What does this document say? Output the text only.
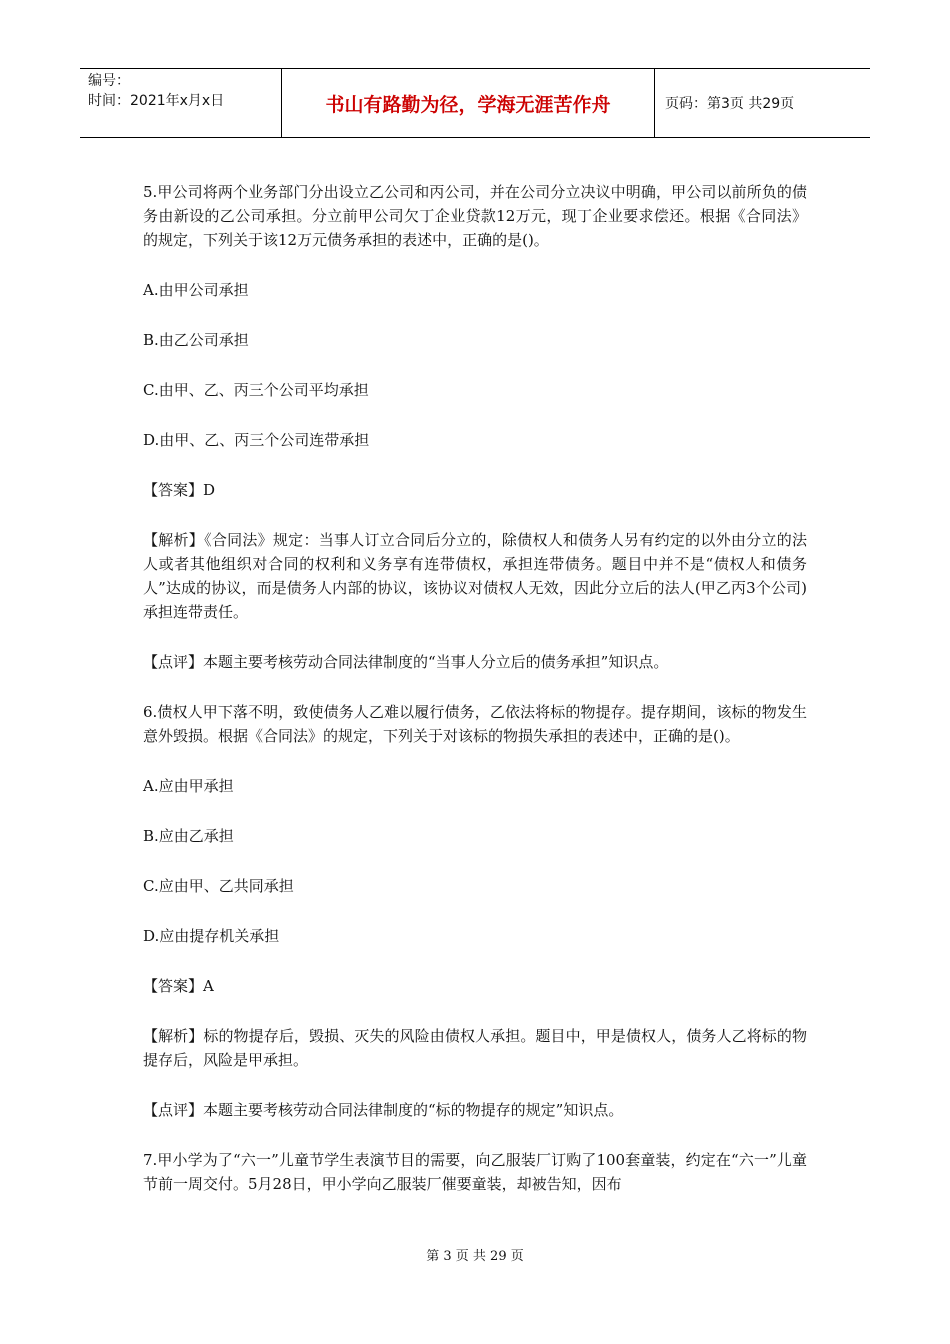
编号：
时间：2021年x月x日	书山有路勤为径，学海无涯苦作舟	页码：第3页 共29页

5.甲公司将两个业务部门分出设立乙公司和丙公司，并在公司分立决议中明确，甲公司以前所负的债务由新设的乙公司承担。分立前甲公司欠丁企业贷款12万元，现丁企业要求偿还。根据《合同法》的规定，下列关于该12万元债务承担的表述中，正确的是()。

A.由甲公司承担

B.由乙公司承担

C.由甲、乙、丙三个公司平均承担

D.由甲、乙、丙三个公司连带承担

【答案】D

【解析】《合同法》规定：当事人订立合同后分立的，除债权人和债务人另有约定的以外由分立的法人或者其他组织对合同的权利和义务享有连带债权，承担连带债务。题目中并不是“债权人和债务人”达成的协议，而是债务人内部的协议，该协议对债权人无效，因此分立后的法人(甲乙丙3个公司)承担连带责任。

【点评】本题主要考核劳动合同法律制度的“当事人分立后的债务承担”知识点。

6.债权人甲下落不明，致使债务人乙难以履行债务，乙依法将标的物提存。提存期间，该标的物发生意外毁损。根据《合同法》的规定，下列关于对该标的物损失承担的表述中，正确的是()。

A.应由甲承担

B.应由乙承担

C.应由甲、乙共同承担

D.应由提存机关承担

【答案】A

【解析】标的物提存后，毁损、灭失的风险由债权人承担。题目中，甲是债权人，债务人乙将标的物提存后，风险是甲承担。

【点评】本题主要考核劳动合同法律制度的“标的物提存的规定”知识点。

7.甲小学为了“六一”儿童节学生表演节目的需要，向乙服装厂订购了100套童装，约定在“六一”儿童节前一周交付。5月28日，甲小学向乙服装厂催要童装，却被告知，因布

第 3 页 共 29 页
